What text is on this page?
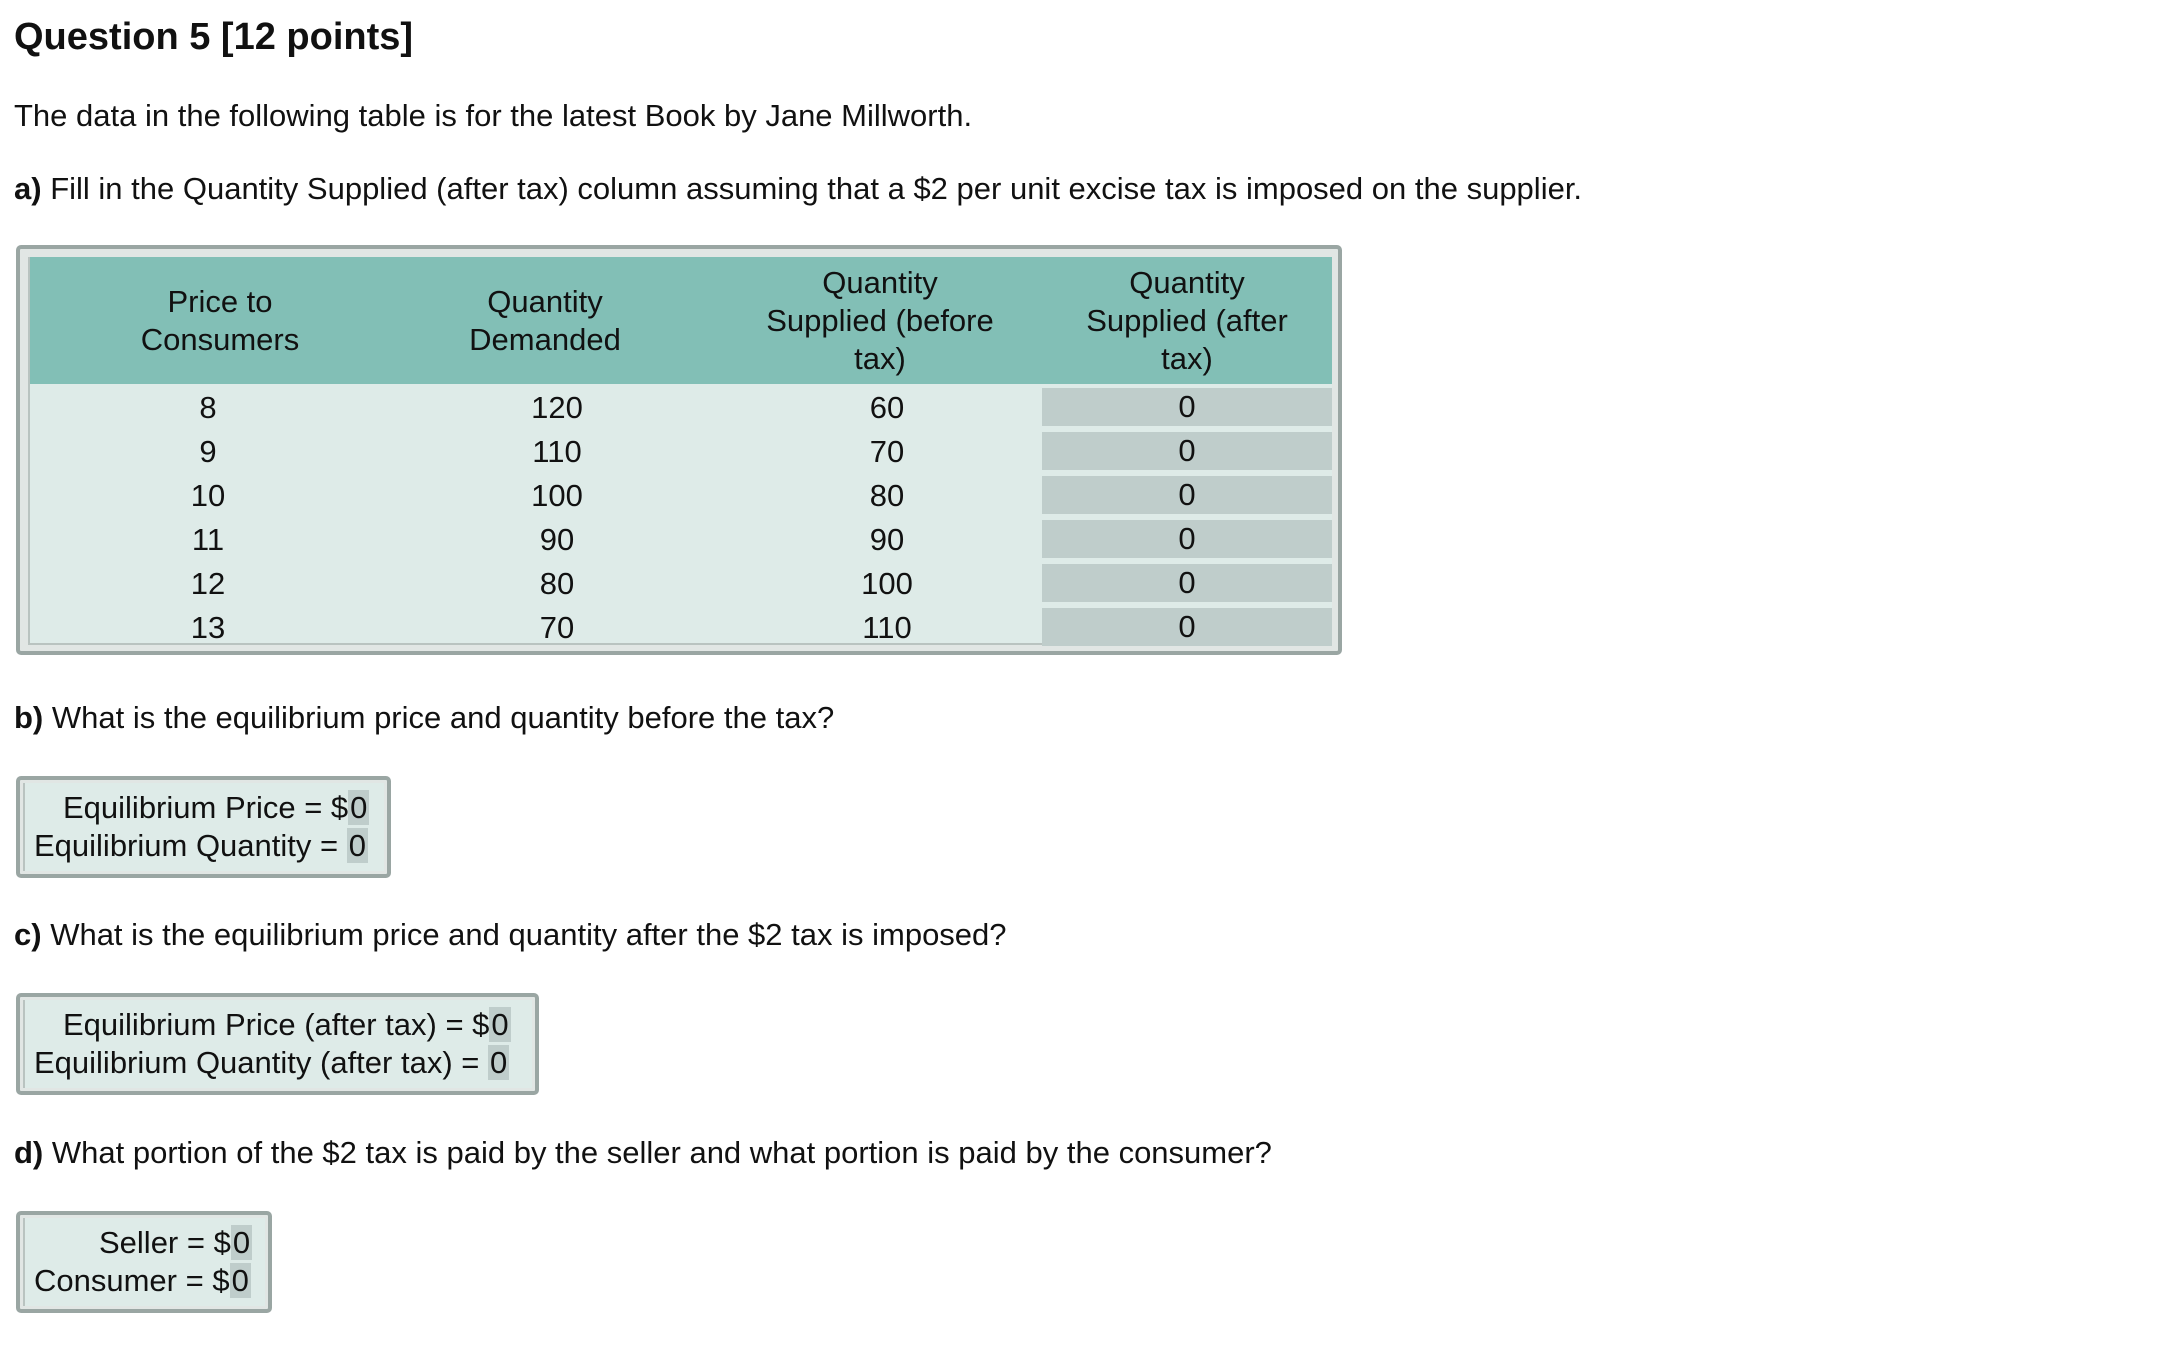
Question 5 [12 points]
The data in the following table is for the latest Book by Jane Millworth.
a) Fill in the Quantity Supplied (after tax) column assuming that a $2 per unit excise tax is imposed on the supplier.
Price to Consumers
Quantity Demanded
Quantity Supplied (before tax)
Quantity Supplied (after tax)
8	120	60	0
9	110	70	0
10	100	80	0
11	90	90	0
12	80	100	0
13	70	110	0
b) What is the equilibrium price and quantity before the tax?
Equilibrium Price = $0
Equilibrium Quantity = 0
c) What is the equilibrium price and quantity after the $2 tax is imposed?
Equilibrium Price (after tax) = $0
Equilibrium Quantity (after tax) = 0
d) What portion of the $2 tax is paid by the seller and what portion is paid by the consumer?
Seller = $0
Consumer = $0
